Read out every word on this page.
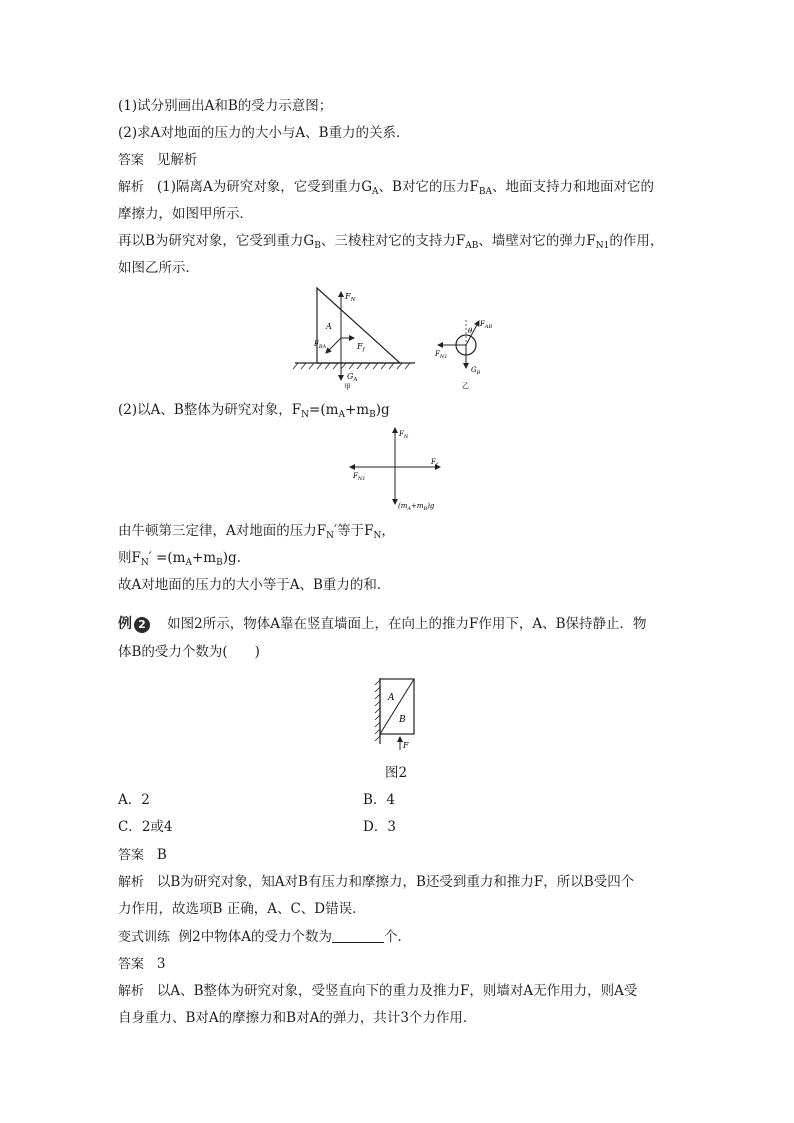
(1)试分别画出A和B的受力示意图；
(2)求A对地面的压力的大小与A、B重力的关系．
答案 见解析
解析 (1)隔离A为研究对象，它受到重力$G_A$、B对它的压力$F_{BA}$、地面支持力和地面对它的
摩擦力，如图甲所示．
再以B为研究对象，它受到重力$G_B$、三棱柱对它的支持力$F_{AB}$、墙壁对它的弹力$F_{N1}$的作用，
如图乙所示．
$F_N$
A
$F_{BA}$	$F_f$
$G_A$
甲
$F_{AB}$
θ
$F_{N1}$
$G_B$
乙
(2)以A、B整体为研究对象，$F_N=(m_A+m_B)g$
$F_N$
$F_f$
$F_{N1}$
$(m_A+m_B)g$
由牛顿第三定律，A对地面的压力$F_N'$等于$F_N$，
则$F_N' =(m_A+m_B)g$.
故A对地面的压力的大小等于A、B重力的和．
例 2 如图2所示，物体A靠在竖直墙面上，在向上的推力F作用下，A、B保持静止．物
体B的受力个数为(　　)
A
B
F
图2
A．2	B．4
C．2或4	D．3
答案 B
解析 以B为研究对象，知A对B有压力和摩擦力，B还受到重力和推力F，所以B受四个
力作用，故选项B 正确，A、C、D错误．
变式训练 例2中物体A的受力个数为	个．
答案 3
解析 以A、B整体为研究对象，受竖直向下的重力及推力F，则墙对A无作用力，则A受
自身重力、B对A的摩擦力和B对A的弹力，共计3个力作用．
